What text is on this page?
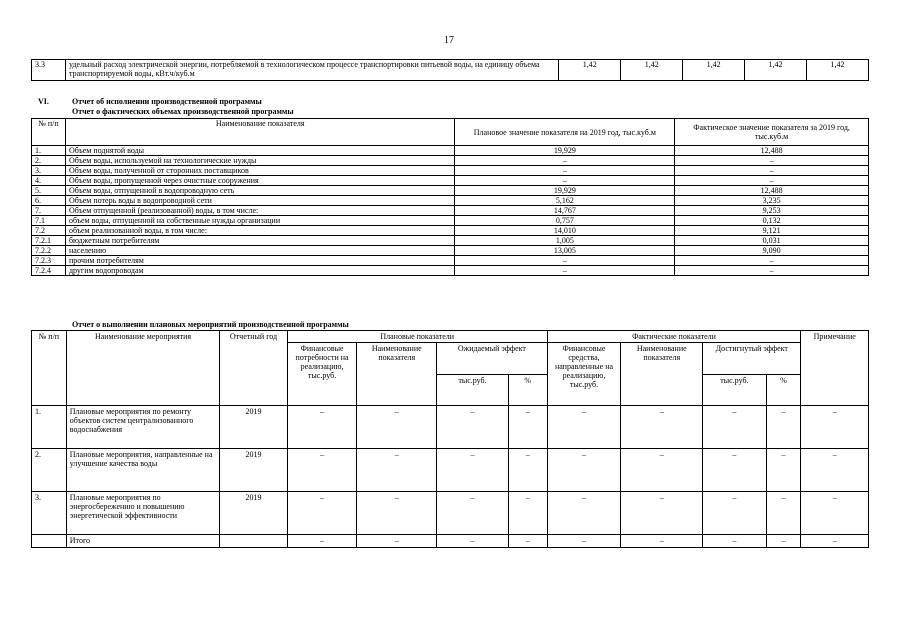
17
3.3	удельный расход электрической энергии, потребляемой в технологическом процессе транспортировки питьевой воды, на единицу объема транспортируемой воды, кВт.ч/куб.м	1,42	1,42	1,42	1,42	1,42
VI.	Отчет об исполнении производственной программы
Отчет о фактических объемах производственной программы
№ п/п	Наименование показателя	Плановое значение показателя на 2019 год, тыс.куб.м	Фактическое значение показателя за 2019 год, тыс.куб.м
1.	Объем поднятой воды	19,929	12,488
2.	Объем воды, используемой на технологические нужды	–	–
3.	Объем воды, полученной от сторонних поставщиков	–	–
4.	Объем воды, пропущенной через очистные сооружения	–	–
5.	Объем воды, отпущенной в водопроводную сеть	19,929	12,488
6.	Объем потерь воды в водопроводной сети	5,162	3,235
7.	Объем отпущенной (реализованной) воды, в том числе:	14,767	9,253
7.1	объем воды, отпущенной на собственные нужды организации	0,757	0,132
7.2	объем реализованной воды, в том числе:	14,010	9,121
7.2.1	бюджетным потребителям	1,005	0,031
7.2.2	населению	13,005	9,090
7.2.3	прочим потребителям	–	–
7.2.4	другим водопроводам	–	–
Отчет о выполнении плановых мероприятий производственной программы
№ п/п	Наименование мероприятия	Отчетный год	Плановые показатели				Фактические показатели				Примечание
			Финансовые потребности на реализацию, тыс.руб.	Наименование показателя	Ожидаемый эффект		Финансовые средства, направленные на реализацию, тыс.руб.	Наименование показателя	Достигнутый эффект		
					тыс.руб.	%			тыс.руб.	%	
1.	Плановые мероприятия по ремонту объектов систем централизованного водоснабжения	2019	–	–	–	–	–	–	–	–	–
2.	Плановые мероприятия, направленные на улучшение качества воды	2019	–	–	–	–	–	–	–	–	–
3.	Плановые мероприятия по энергосбережению и повышению энергетической эффективности	2019	–	–	–	–	–	–	–	–	–
	Итого		–	–	–	–	–	–	–	–	–
